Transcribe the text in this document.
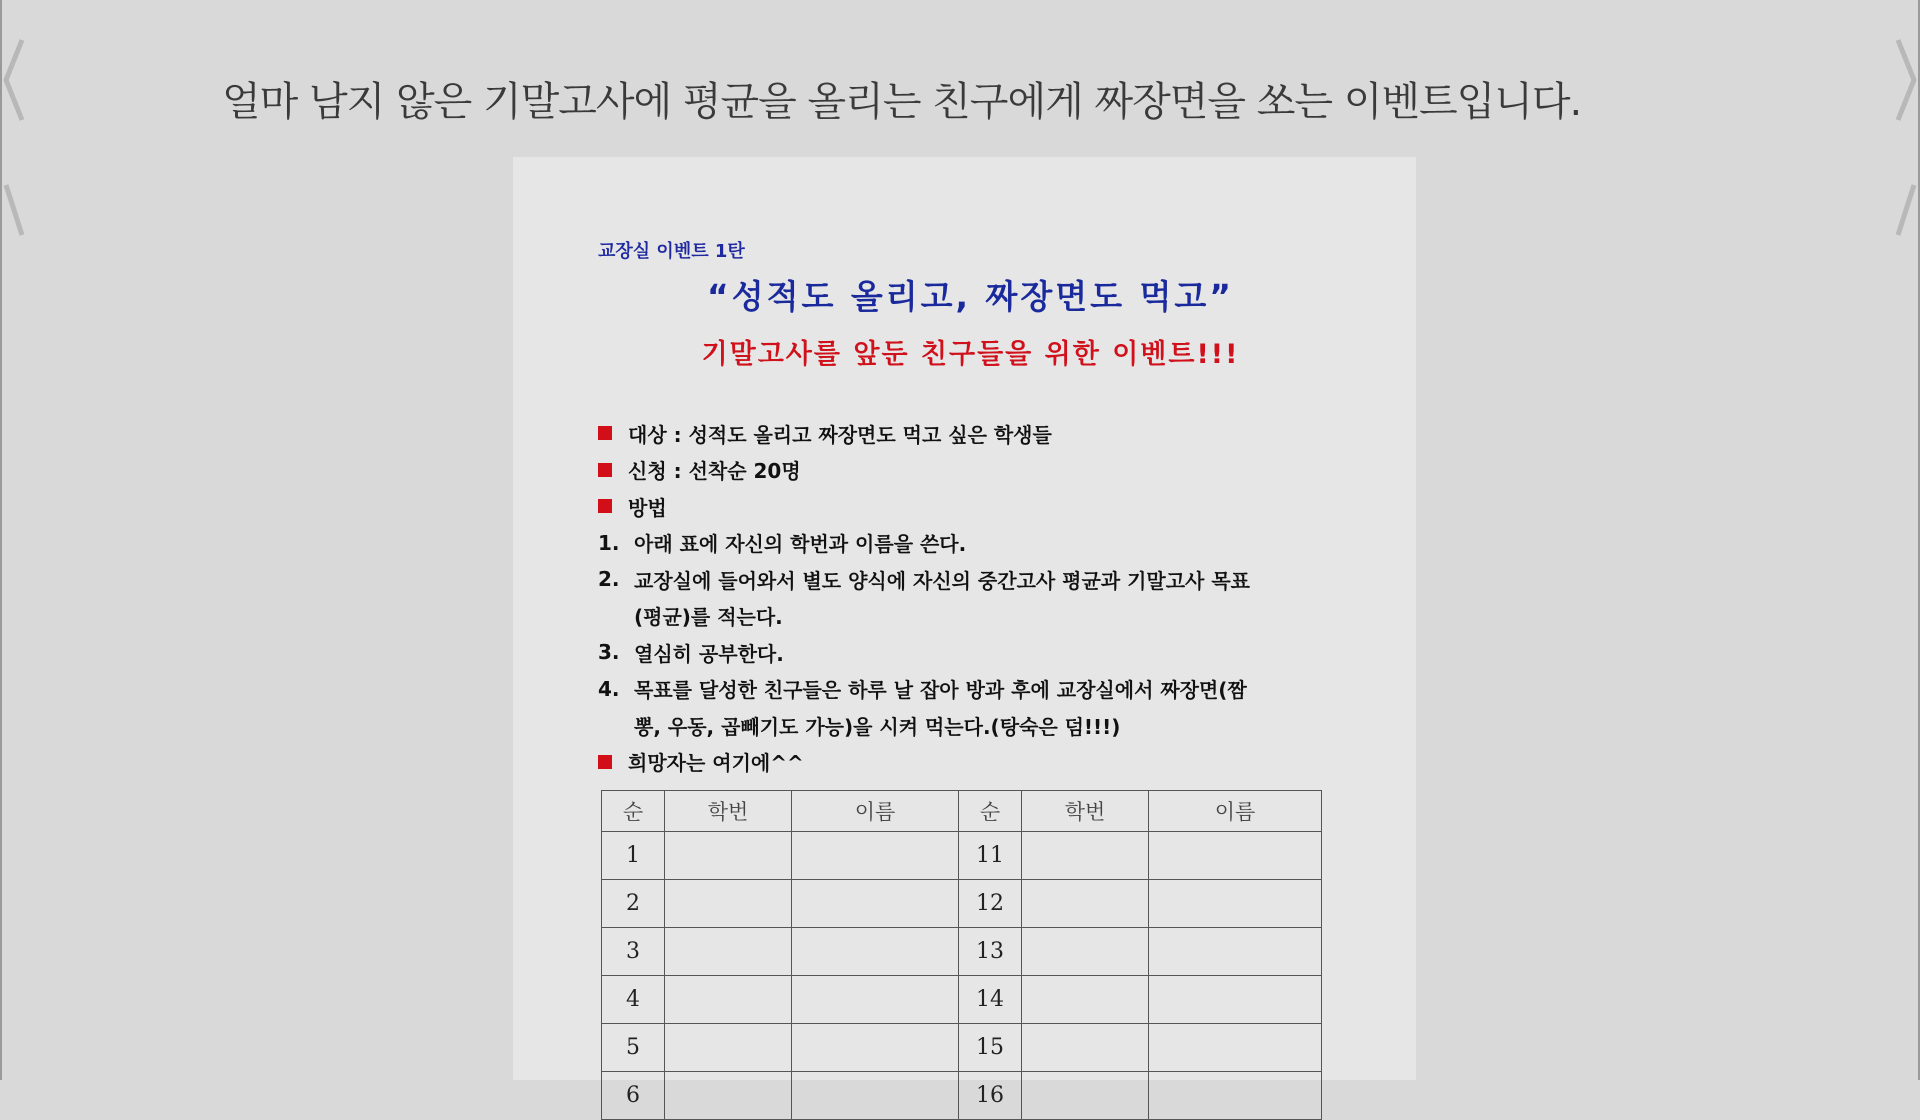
얼마 남지 않은 기말고사에 평균을 올리는 친구에게 짜장면을 쏘는 이벤트입니다.
교장실 이벤트 1탄
“성적도 올리고, 짜장면도 먹고”
기말고사를 앞둔 친구들을 위한 이벤트!!!
대상 : 성적도 올리고 짜장면도 먹고 싶은 학생들
신청 : 선착순 20명
방법
1. 아래 표에 자신의 학번과 이름을 쓴다.
2. 교장실에 들어와서 별도 양식에 자신의 중간고사 평균과 기말고사 목표
(평균)를 적는다.
3. 열심히 공부한다.
4. 목표를 달성한 친구들은 하루 날 잡아 방과 후에 교장실에서 짜장면(짬
뽕, 우동, 곱빼기도 가능)을 시켜 먹는다.(탕숙은 덤!!!)
희망자는 여기에^^
순	학번	이름	순	학번	이름
1			11		
2			12		
3			13		
4			14		
5			15		
6			16		
